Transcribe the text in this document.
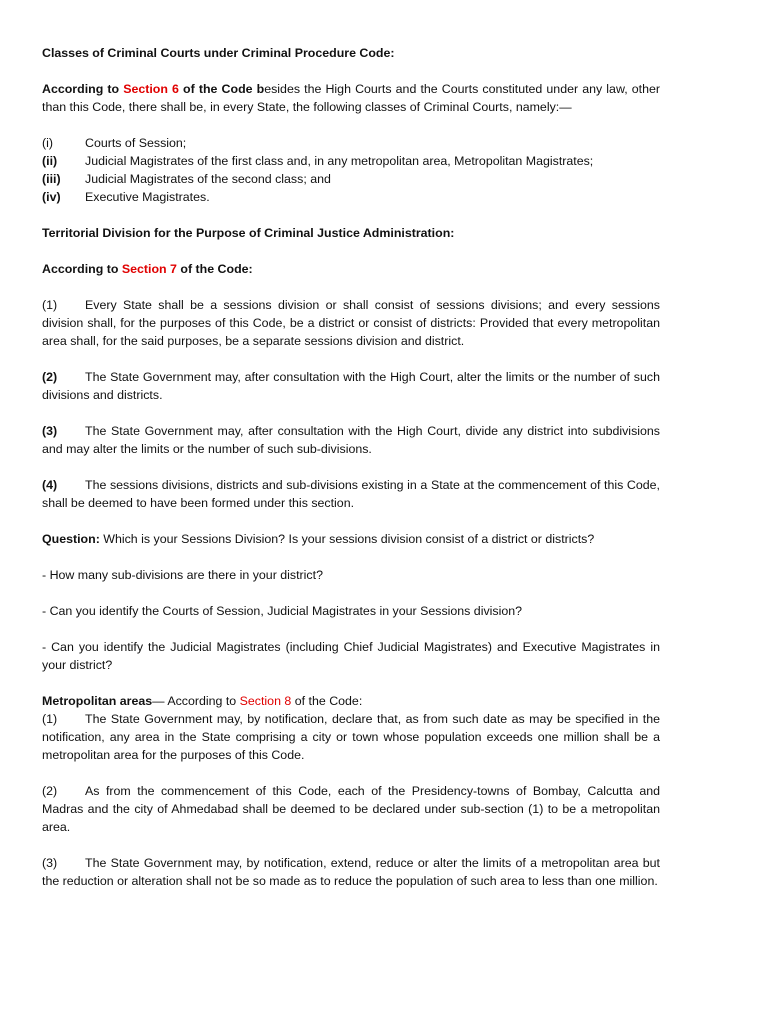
Classes of Criminal Courts under Criminal Procedure Code:

According to Section 6 of the Code besides the High Courts and the Courts constituted under any law, other than this Code, there shall be, in every State, the following classes of Criminal Courts, namely:—

(i)	Courts of Session;
(ii)	Judicial Magistrates of the first class and, in any metropolitan area, Metropolitan Magistrates;
(iii)	Judicial Magistrates of the second class; and
(iv)	Executive Magistrates.

Territorial Division for the Purpose of Criminal Justice Administration:

According to Section 7 of the Code:

(1) Every State shall be a sessions division or shall consist of sessions divisions; and every sessions division shall, for the purposes of this Code, be a district or consist of districts: Provided that every metropolitan area shall, for the said purposes, be a separate sessions division and district.

(2) The State Government may, after consultation with the High Court, alter the limits or the number of such divisions and districts.

(3) The State Government may, after consultation with the High Court, divide any district into subdivisions and may alter the limits or the number of such sub-divisions.

(4) The sessions divisions, districts and sub-divisions existing in a State at the commencement of this Code, shall be deemed to have been formed under this section.

Question: Which is your Sessions Division? Is your sessions division consist of a district or districts?

- How many sub-divisions are there in your district?

- Can you identify the Courts of Session, Judicial Magistrates in your Sessions division?

- Can you identify the Judicial Magistrates (including Chief Judicial Magistrates) and Executive Magistrates in your district?

Metropolitan areas— According to Section 8 of the Code:

(1) The State Government may, by notification, declare that, as from such date as may be specified in the notification, any area in the State comprising a city or town whose population exceeds one million shall be a metropolitan area for the purposes of this Code.

(2) As from the commencement of this Code, each of the Presidency-towns of Bombay, Calcutta and Madras and the city of Ahmedabad shall be deemed to be declared under sub-section (1) to be a metropolitan area.

(3) The State Government may, by notification, extend, reduce or alter the limits of a metropolitan area but the reduction or alteration shall not be so made as to reduce the population of such area to less than one million.
